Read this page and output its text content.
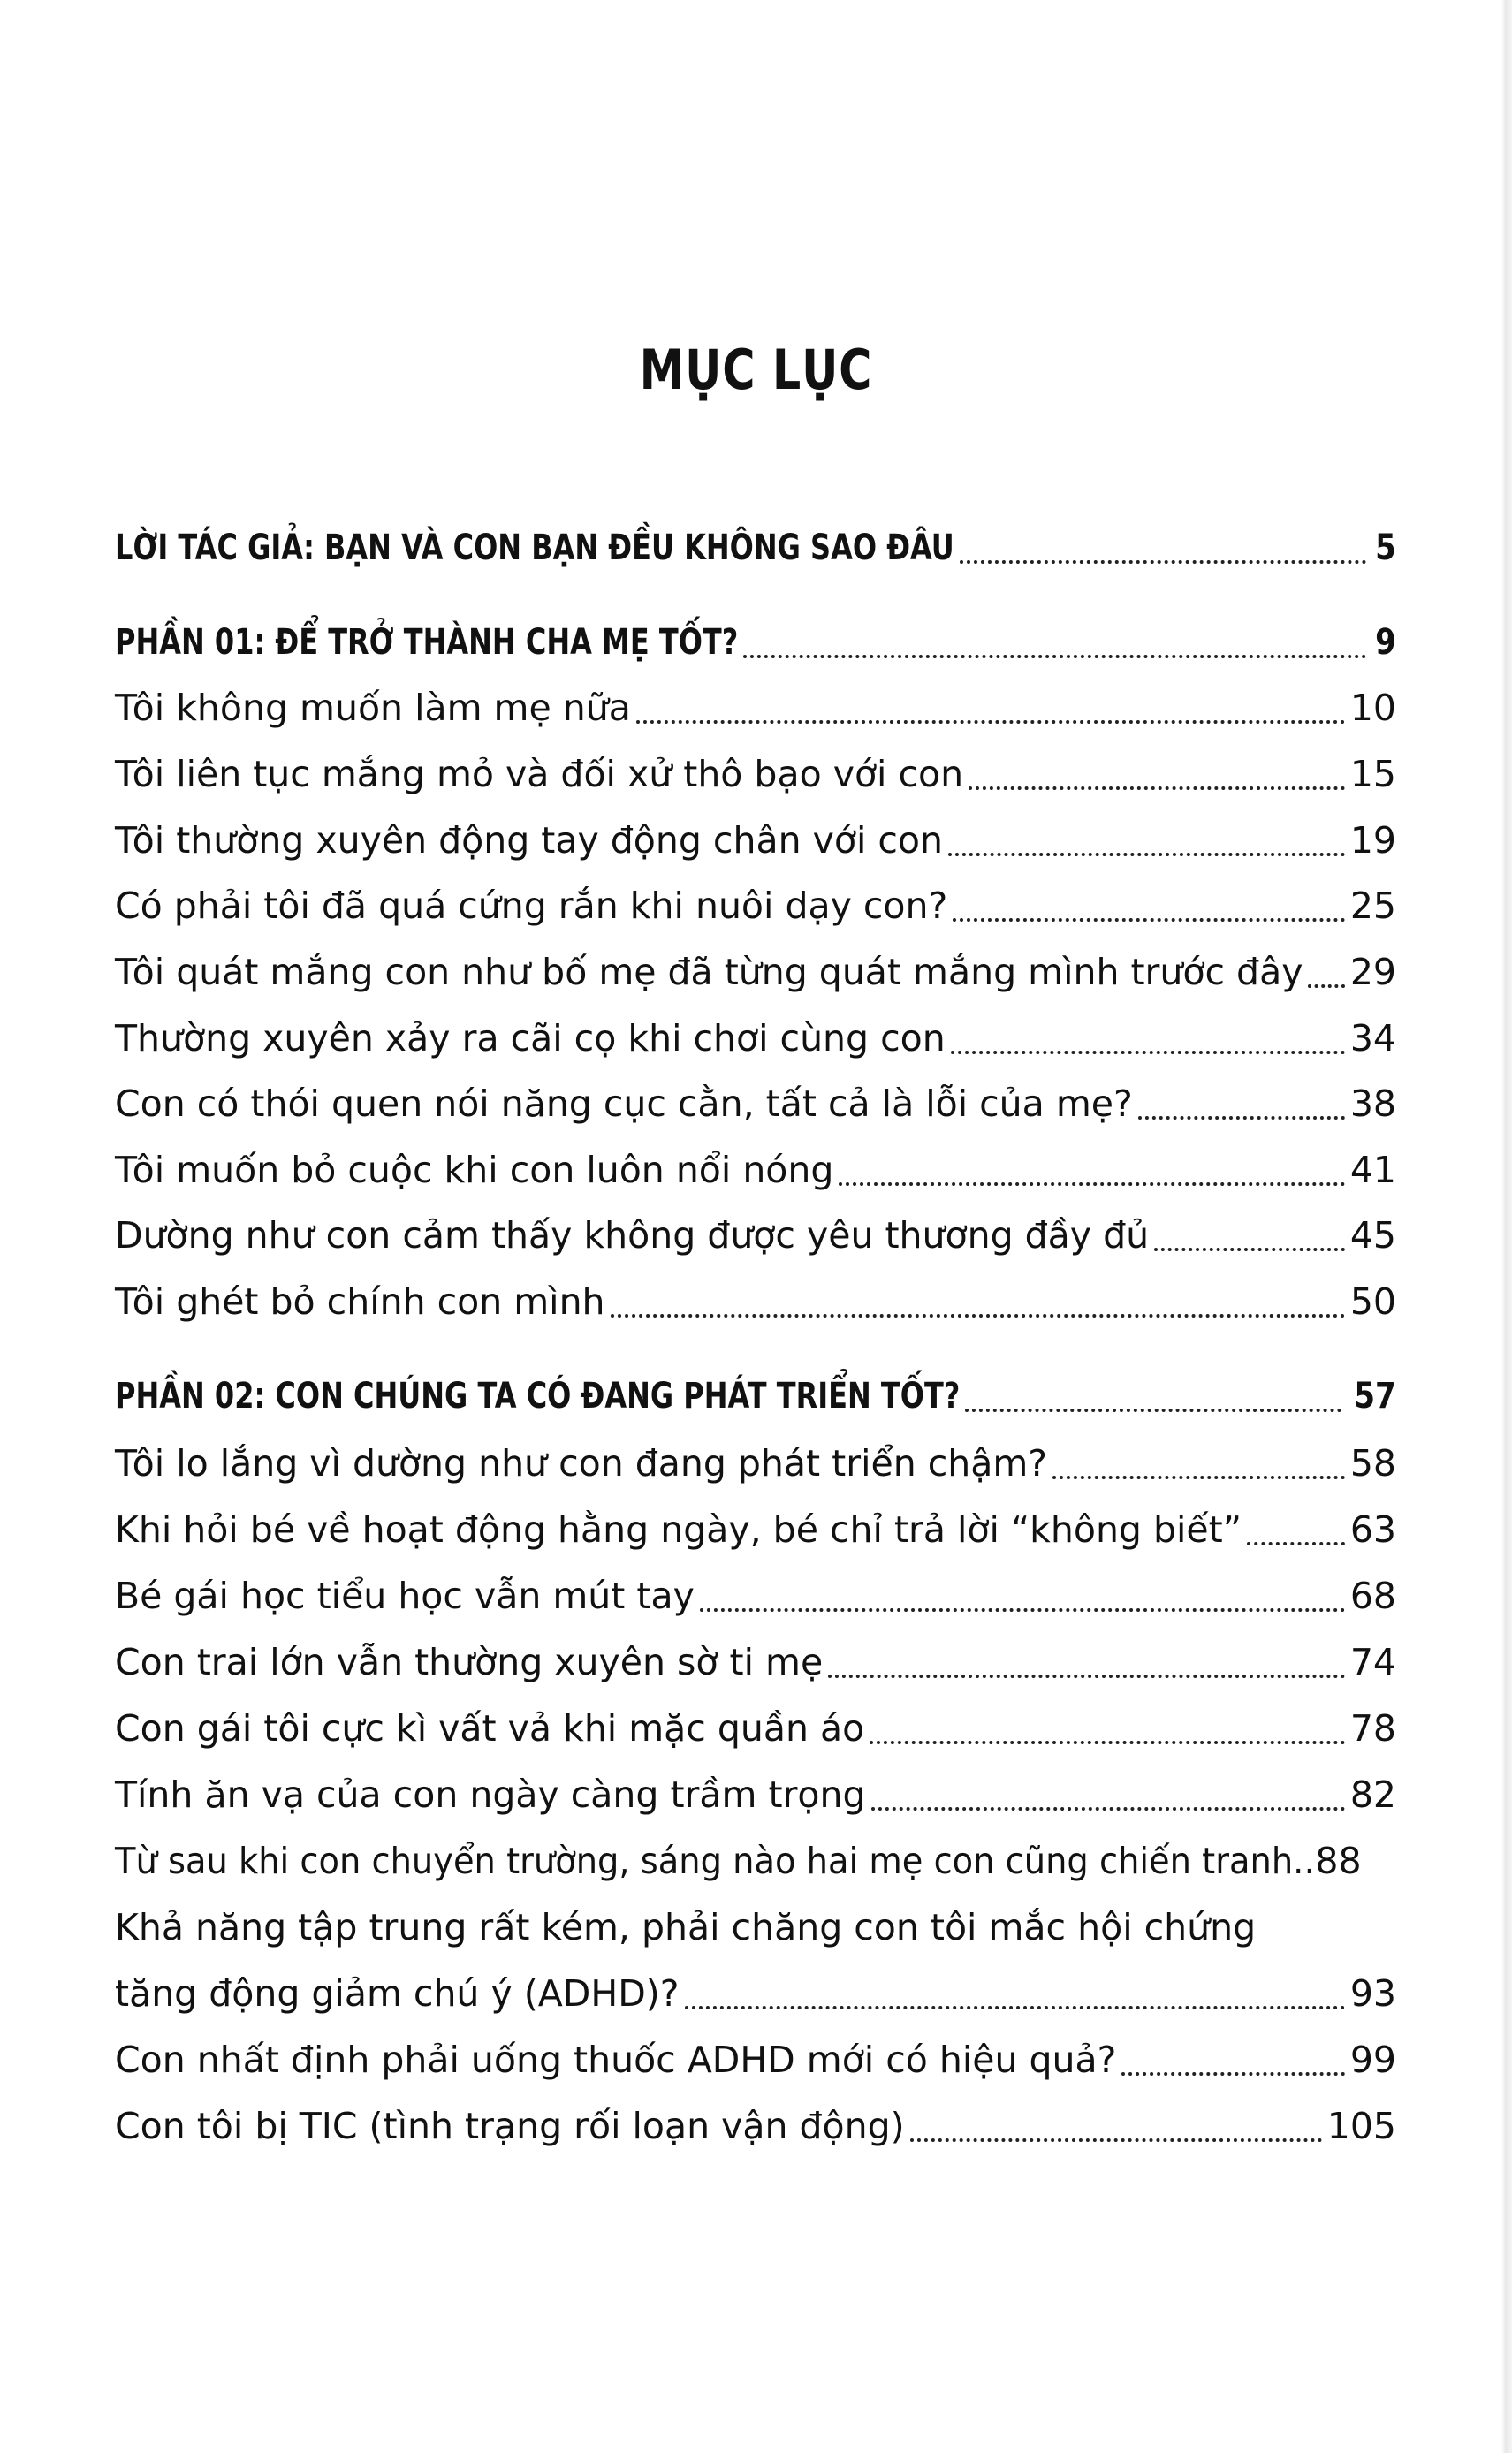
MỤC LỤC
LỜI TÁC GIẢ: BẠN VÀ CON BẠN ĐỀU KHÔNG SAO ĐÂU	5
PHẦN 01: ĐỂ TRỞ THÀNH CHA MẸ TỐT?	9
Tôi không muốn làm mẹ nữa	10
Tôi liên tục mắng mỏ và đối xử thô bạo với con	15
Tôi thường xuyên động tay động chân với con	19
Có phải tôi đã quá cứng rắn khi nuôi dạy con?	25
Tôi quát mắng con như bố mẹ đã từng quát mắng mình trước đây 29
Thường xuyên xảy ra cãi cọ khi chơi cùng con	34
Con có thói quen nói năng cục cằn, tất cả là lỗi của mẹ?	38
Tôi muốn bỏ cuộc khi con luôn nổi nóng	41
Dường như con cảm thấy không được yêu thương đầy đủ	45
Tôi ghét bỏ chính con mình	50
PHẦN 02: CON CHÚNG TA CÓ ĐANG PHÁT TRIỂN TỐT?	57
Tôi lo lắng vì dường như con đang phát triển chậm?	58
Khi hỏi bé về hoạt động hằng ngày, bé chỉ trả lời “không biết”	63
Bé gái học tiểu học vẫn mút tay	68
Con trai lớn vẫn thường xuyên sờ ti mẹ	74
Con gái tôi cực kì vất vả khi mặc quần áo	78
Tính ăn vạ của con ngày càng trầm trọng	82
Từ sau khi con chuyển trường, sáng nào hai mẹ con cũng chiến tranh. .88
Khả năng tập trung rất kém, phải chăng con tôi mắc hội chứng
tăng động giảm chú ý (ADHD)?	93
Con nhất định phải uống thuốc ADHD mới có hiệu quả?	99
Con tôi bị TIC (tình trạng rối loạn vận động)	105
